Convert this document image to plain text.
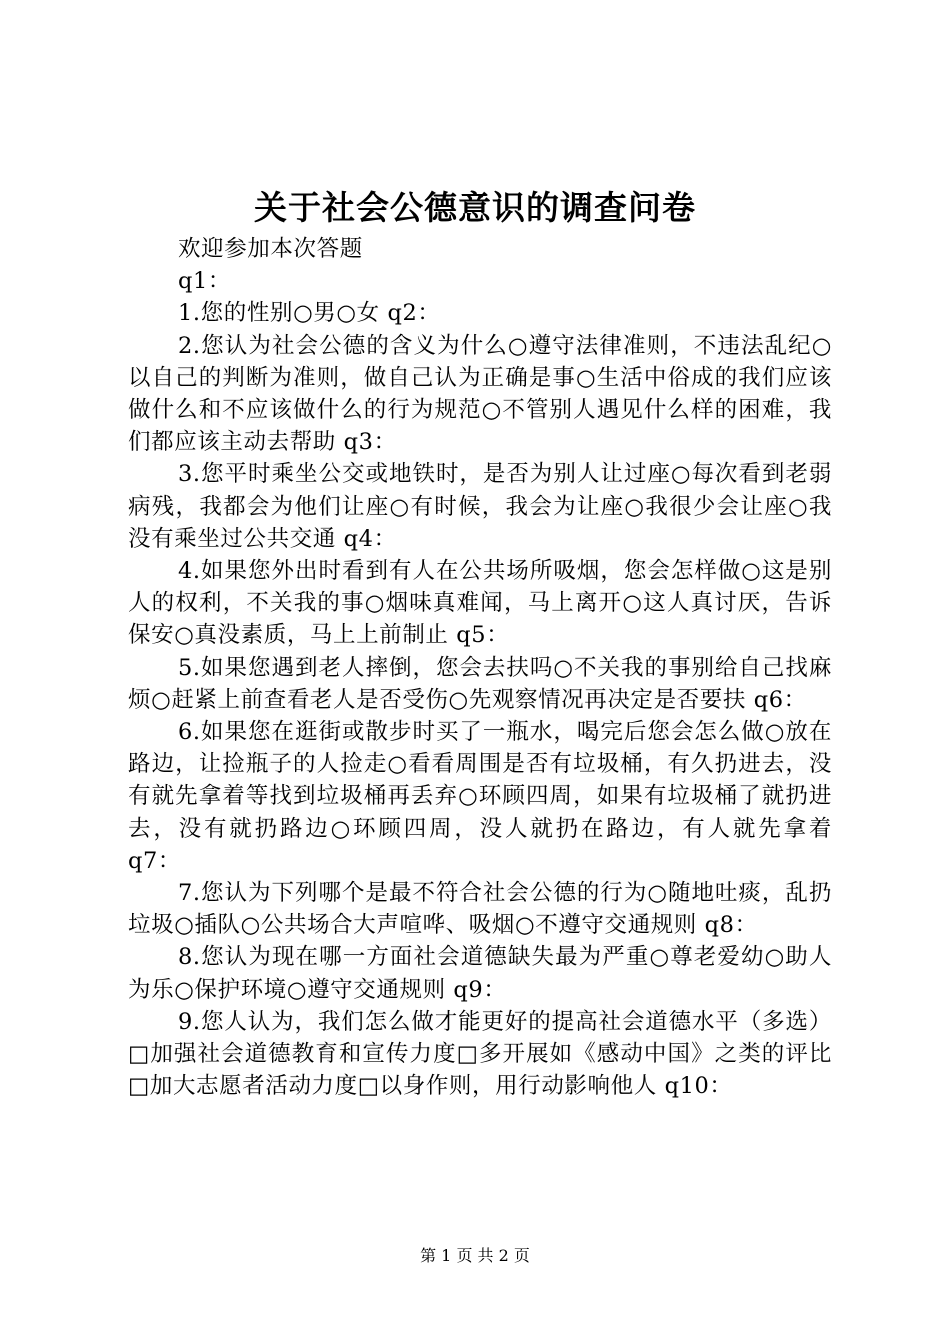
关于社会公德意识的调查问卷

欢迎参加本次答题

q1：

1.您的性别○男○女 q2：

2.您认为社会公德的含义为什么○遵守法律准则，不违法乱纪○以自己的判断为准则，做自己认为正确是事○生活中俗成的我们应该做什么和不应该做什么的行为规范○不管别人遇见什么样的困难，我们都应该主动去帮助 q3：

3.您平时乘坐公交或地铁时，是否为别人让过座○每次看到老弱病残，我都会为他们让座○有时候，我会为让座○我很少会让座○我没有乘坐过公共交通 q4：

4.如果您外出时看到有人在公共场所吸烟，您会怎样做○这是别人的权利，不关我的事○烟味真难闻，马上离开○这人真讨厌，告诉保安○真没素质，马上上前制止 q5：

5.如果您遇到老人摔倒，您会去扶吗○不关我的事别给自己找麻烦○赶紧上前查看老人是否受伤○先观察情况再决定是否要扶 q6：

6.如果您在逛街或散步时买了一瓶水，喝完后您会怎么做○放在路边，让捡瓶子的人捡走○看看周围是否有垃圾桶，有久扔进去，没有就先拿着等找到垃圾桶再丢弃○环顾四周，如果有垃圾桶了就扔进去，没有就扔路边○环顾四周，没人就扔在路边，有人就先拿着 q7：

7.您认为下列哪个是最不符合社会公德的行为○随地吐痰，乱扔垃圾○插队○公共场合大声喧哗、吸烟○不遵守交通规则 q8：

8.您认为现在哪一方面社会道德缺失最为严重○尊老爱幼○助人为乐○保护环境○遵守交通规则 q9：

9.您人认为，我们怎么做才能更好的提高社会道德水平（多选）□加强社会道德教育和宣传力度□多开展如《感动中国》之类的评比□加大志愿者活动力度□以身作则，用行动影响他人 q10：

第 1 页 共 2 页
